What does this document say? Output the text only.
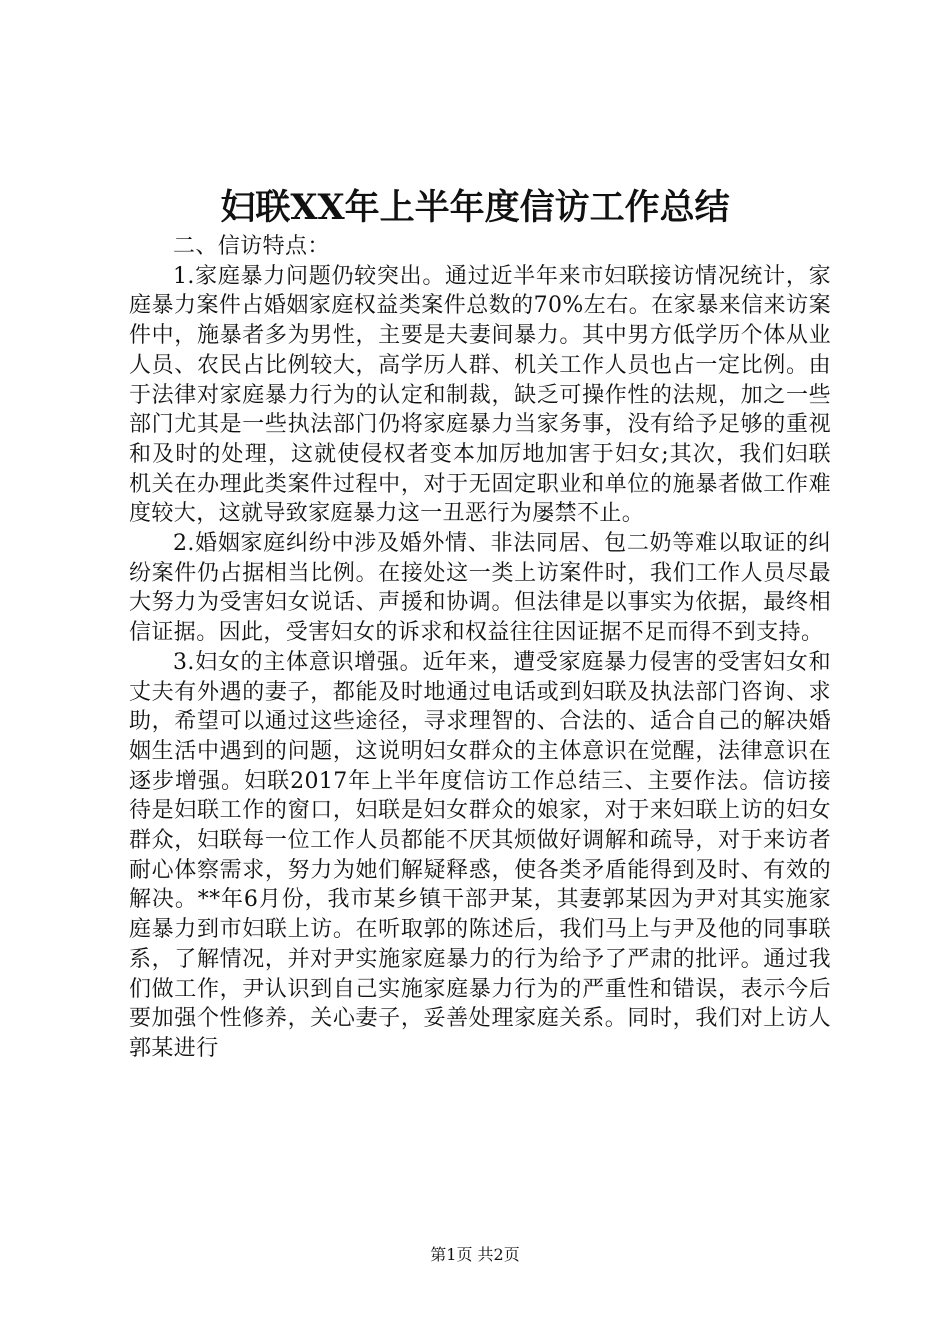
妇联XX年上半年度信访工作总结

二、信访特点：

1.家庭暴力问题仍较突出。通过近半年来市妇联接访情况统计，家庭暴力案件占婚姻家庭权益类案件总数的70%左右。在家暴来信来访案件中，施暴者多为男性，主要是夫妻间暴力。其中男方低学历个体从业人员、农民占比例较大，高学历人群、机关工作人员也占一定比例。由于法律对家庭暴力行为的认定和制裁，缺乏可操作性的法规，加之一些部门尤其是一些执法部门仍将家庭暴力当家务事，没有给予足够的重视和及时的处理，这就使侵权者变本加厉地加害于妇女;其次，我们妇联机关在办理此类案件过程中，对于无固定职业和单位的施暴者做工作难度较大，这就导致家庭暴力这一丑恶行为屡禁不止。

2.婚姻家庭纠纷中涉及婚外情、非法同居、包二奶等难以取证的纠纷案件仍占据相当比例。在接处这一类上访案件时，我们工作人员尽最大努力为受害妇女说话、声援和协调。但法律是以事实为依据，最终相信证据。因此，受害妇女的诉求和权益往往因证据不足而得不到支持。

3.妇女的主体意识增强。近年来，遭受家庭暴力侵害的受害妇女和丈夫有外遇的妻子，都能及时地通过电话或到妇联及执法部门咨询、求助，希望可以通过这些途径，寻求理智的、合法的、适合自己的解决婚姻生活中遇到的问题，这说明妇女群众的主体意识在觉醒，法律意识在逐步增强。妇联2017年上半年度信访工作总结三、主要作法。信访接待是妇联工作的窗口，妇联是妇女群众的娘家，对于来妇联上访的妇女群众，妇联每一位工作人员都能不厌其烦做好调解和疏导，对于来访者耐心体察需求，努力为她们解疑释惑，使各类矛盾能得到及时、有效的解决。**年6月份，我市某乡镇干部尹某，其妻郭某因为尹对其实施家庭暴力到市妇联上访。在听取郭的陈述后，我们马上与尹及他的同事联系，了解情况，并对尹实施家庭暴力的行为给予了严肃的批评。通过我们做工作，尹认识到自己实施家庭暴力行为的严重性和错误，表示今后要加强个性修养，关心妻子，妥善处理家庭关系。同时，我们对上访人郭某进行

第1页 共2页
